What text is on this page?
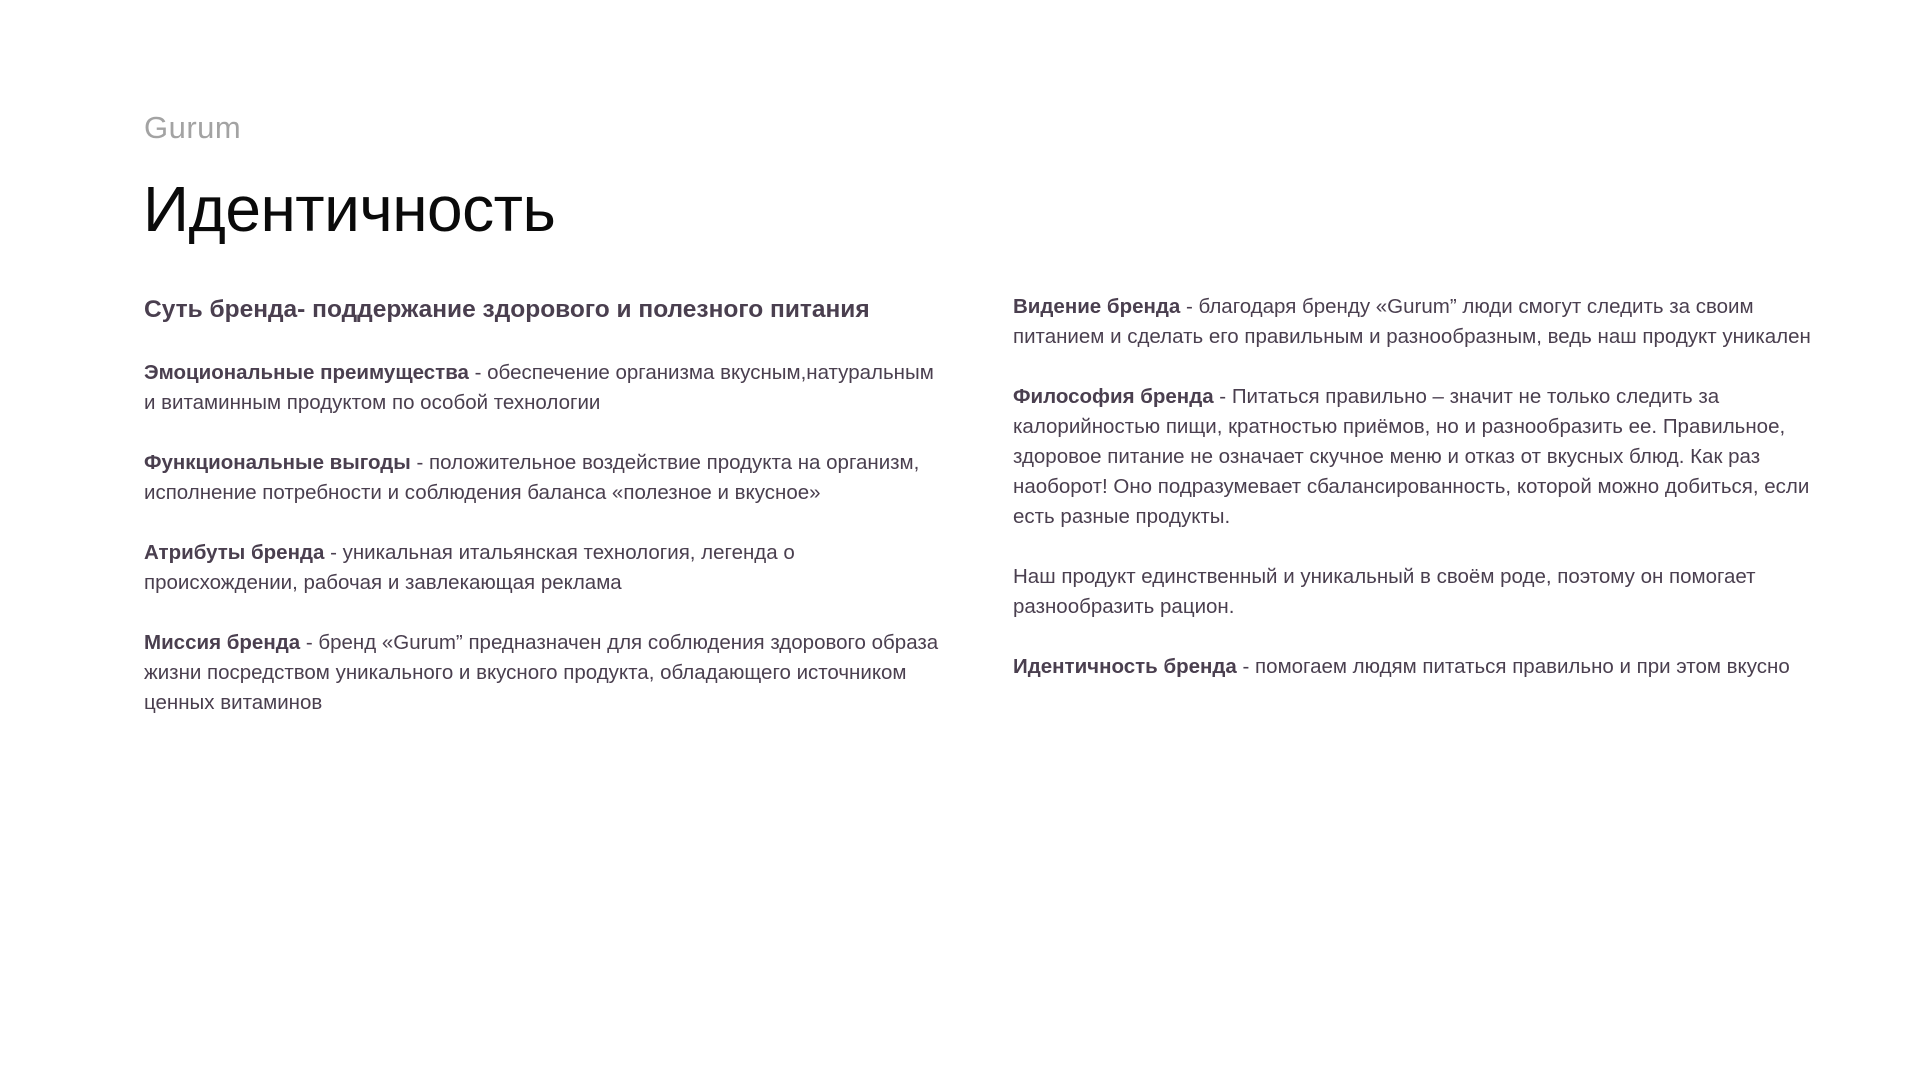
Gurum
Идентичность

Суть бренда- поддержание здорового и полезного питания

Эмоциональные преимущества - обеспечение организма вкусным,натуральным и витаминным продуктом по особой технологии

Функциональные выгоды - положительное воздействие продукта на организм, исполнение потребности и соблюдения баланса «полезное и вкусное»

Атрибуты бренда - уникальная итальянская технология, легенда о происхождении, рабочая и завлекающая реклама

Миссия бренда - бренд «Gurum” предназначен для соблюдения здорового образа жизни посредством уникального и вкусного продукта, обладающего источником ценных витаминов

Видение бренда - благодаря бренду «Gurum” люди смогут следить за своим питанием и сделать его правильным и разнообразным, ведь наш продукт уникален

Философия бренда - Питаться правильно – значит не только следить за калорийностью пищи, кратностью приёмов, но и разнообразить ее. Правильное, здоровое питание не означает скучное меню и отказ от вкусных блюд. Как раз наоборот! Оно подразумевает сбалансированность, которой можно добиться, если есть разные продукты.

Наш продукт единственный и уникальный в своём роде, поэтому он помогает разнообразить рацион.

Идентичность бренда - помогаем людям питаться правильно и при этом вкусно
